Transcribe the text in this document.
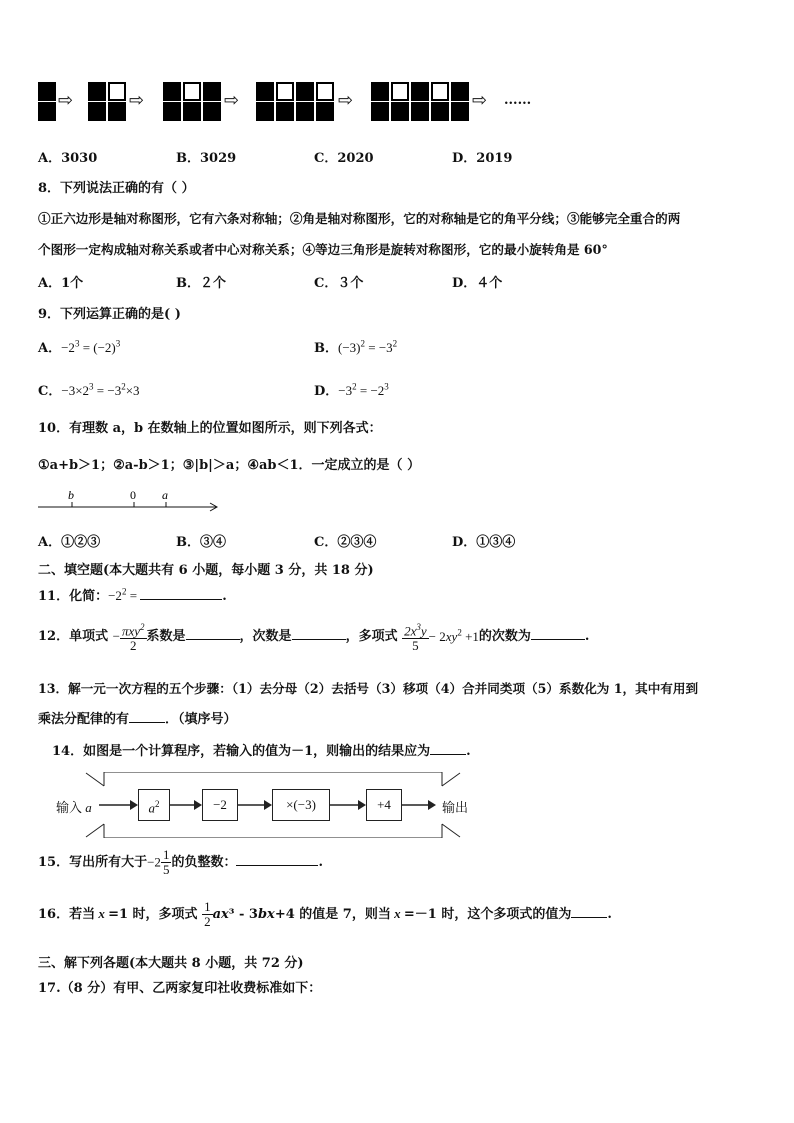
⇨	⇨	⇨	⇨	⇨ ......
A．3030	B．3029	C．2020	D．2019
8．下列说法正确的有（ ）
①正六边形是轴对称图形，它有六条对称轴；②角是轴对称图形，它的对称轴是它的角平分线；③能够完全重合的两
个图形一定构成轴对称关系或者中心对称关系；④等边三角形是旋转对称图形，它的最小旋转角是 60°
A．1个	B．２个	C．３个	D．４个
9．下列运算正确的是( )
A．$-2^3 = (-2)^3$	B．$(-3)^2 = -3^2$
C．$-3\times 2^3 = -3^2\times 3$	D．$-3^2 = -2^3$
10．有理数 a，b 在数轴上的位置如图所示，则下列各式：
①a+b＞1；②a-b＞1；③|b|＞a；④ab＜1．一定成立的是（ ）
b	0 a
A．①②③	B．③④	C．②③④	D．①③④
二、填空题(本大题共有 6 小题，每小题 3 分，共 18 分)
11．化简：$-2^2$ =	.
12．单项式 − $\frac{\pi xy^2}{2}$ 系数是	，次数是	，多项式 $\frac{2x^3y}{5} - 2xy^2 +1$的次数为	.
13．解一元一次方程的五个步骤：（1）去分母（2）去括号（3）移项（4）合并同类项（5）系数化为 1，其中有用到
乘法分配律的有	．（填序号）
14．如图是一个计算程序，若输入的值为－1，则输出的结果应为	.
输入 a	$a^2$	−2	×(−3)	+4	输出
15．写出所有大于$-2 \frac{1}{5}$ 的负整数：	.
16．若当 x =1 时，多项式 $\frac{1}{2} ax^3 - 3bx+4$ 的值是 7，则当 x =－1 时，这个多项式的值为	.
三、解下列各题(本大题共 8 小题，共 72 分)
17.（8 分）有甲、乙两家复印社收费标准如下：
